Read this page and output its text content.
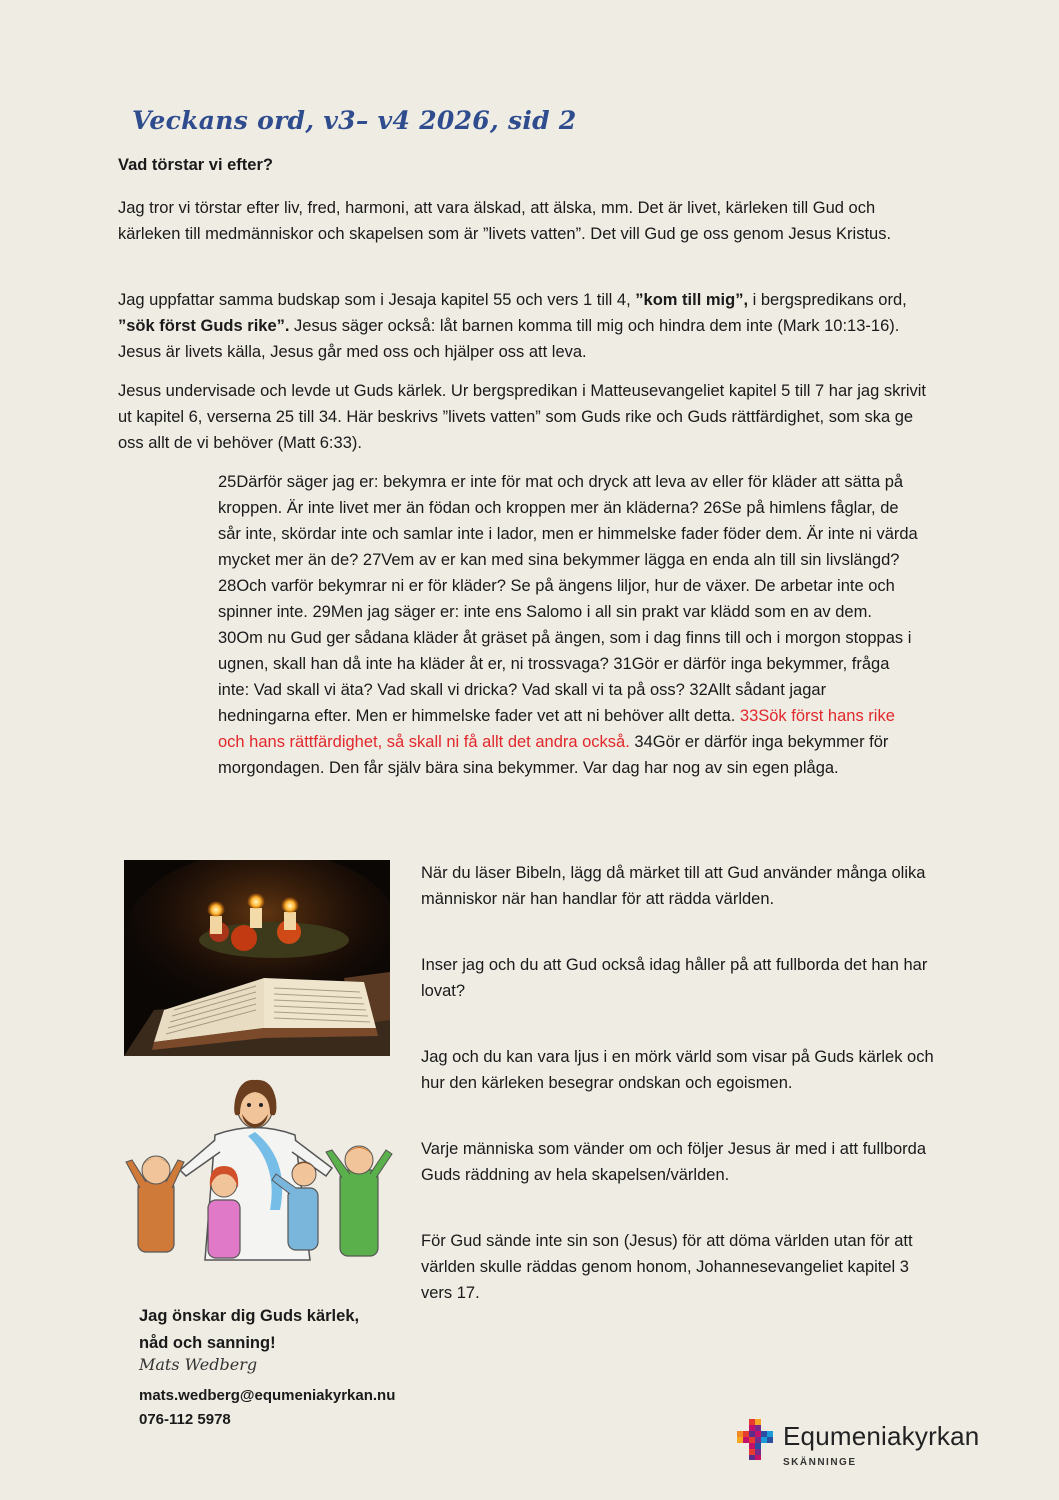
Veckans ord, v3– v4 2026, sid 2
Vad törstar vi efter?
Jag tror vi törstar efter liv, fred, harmoni, att vara älskad, att älska, mm. Det är livet, kärleken till Gud och kärleken till medmänniskor och skapelsen som är ”livets vatten”. Det vill Gud ge oss genom Jesus Kristus.
Jag uppfattar samma budskap som i Jesaja kapitel 55 och vers 1 till 4, ”kom till mig”, i bergspredikans ord, ”sök först Guds rike”. Jesus säger också: låt barnen komma till mig och hindra dem inte (Mark 10:13-16). Jesus är livets källa, Jesus går med oss och hjälper oss att leva.
Jesus undervisade och levde ut Guds kärlek. Ur bergspredikan i Matteusevangeliet kapitel 5 till 7 har jag skrivit ut kapitel 6, verserna 25 till 34. Här beskrivs ”livets vatten” som Guds rike och Guds rättfärdighet, som ska ge oss allt de vi behöver (Matt 6:33).
25Därför säger jag er: bekymra er inte för mat och dryck att leva av eller för kläder att sätta på kroppen. Är inte livet mer än födan och kroppen mer än kläderna? 26Se på himlens fåglar, de sår inte, skördar inte och samlar inte i lador, men er himmelske fader föder dem. Är inte ni värda mycket mer än de? 27Vem av er kan med sina bekymmer lägga en enda aln till sin livslängd? 28Och varför bekymrar ni er för kläder? Se på ängens liljor, hur de växer. De arbetar inte och spinner inte. 29Men jag säger er: inte ens Salomo i all sin prakt var klädd som en av dem. 30Om nu Gud ger sådana kläder åt gräset på ängen, som i dag finns till och i morgon stoppas i ugnen, skall han då inte ha kläder åt er, ni trossvaga? 31Gör er därför inga bekymmer, fråga inte: Vad skall vi äta? Vad skall vi dricka? Vad skall vi ta på oss? 32Allt sådant jagar hedningarna efter. Men er himmelske fader vet att ni behöver allt detta. 33Sök först hans rike och hans rättfärdighet, så skall ni få allt det andra också. 34Gör er därför inga bekymmer för morgondagen. Den får själv bära sina bekymmer. Var dag har nog av sin egen plåga.
När du läser Bibeln, lägg då märket till att Gud använder många olika människor när han handlar för att rädda världen.
Inser jag och du att Gud också idag håller på att fullborda det han har lovat?
Jag och du kan vara ljus i en mörk värld som visar på Guds kärlek och hur den kärleken besegrar ondskan och egoismen.
Varje människa som vänder om och följer Jesus är med i att fullborda Guds räddning av hela skapelsen/världen.
För Gud sände inte sin son (Jesus) för att döma världen utan för att världen skulle räddas genom honom, Johannesevangeliet kapitel 3 vers 17.
Jag önskar dig Guds kärlek,
nåd och sanning!
Mats Wedberg
mats.wedberg@equmeniakyrkan.nu
076-112 5978
Equmeniakyrkan
SKÄNNINGE
